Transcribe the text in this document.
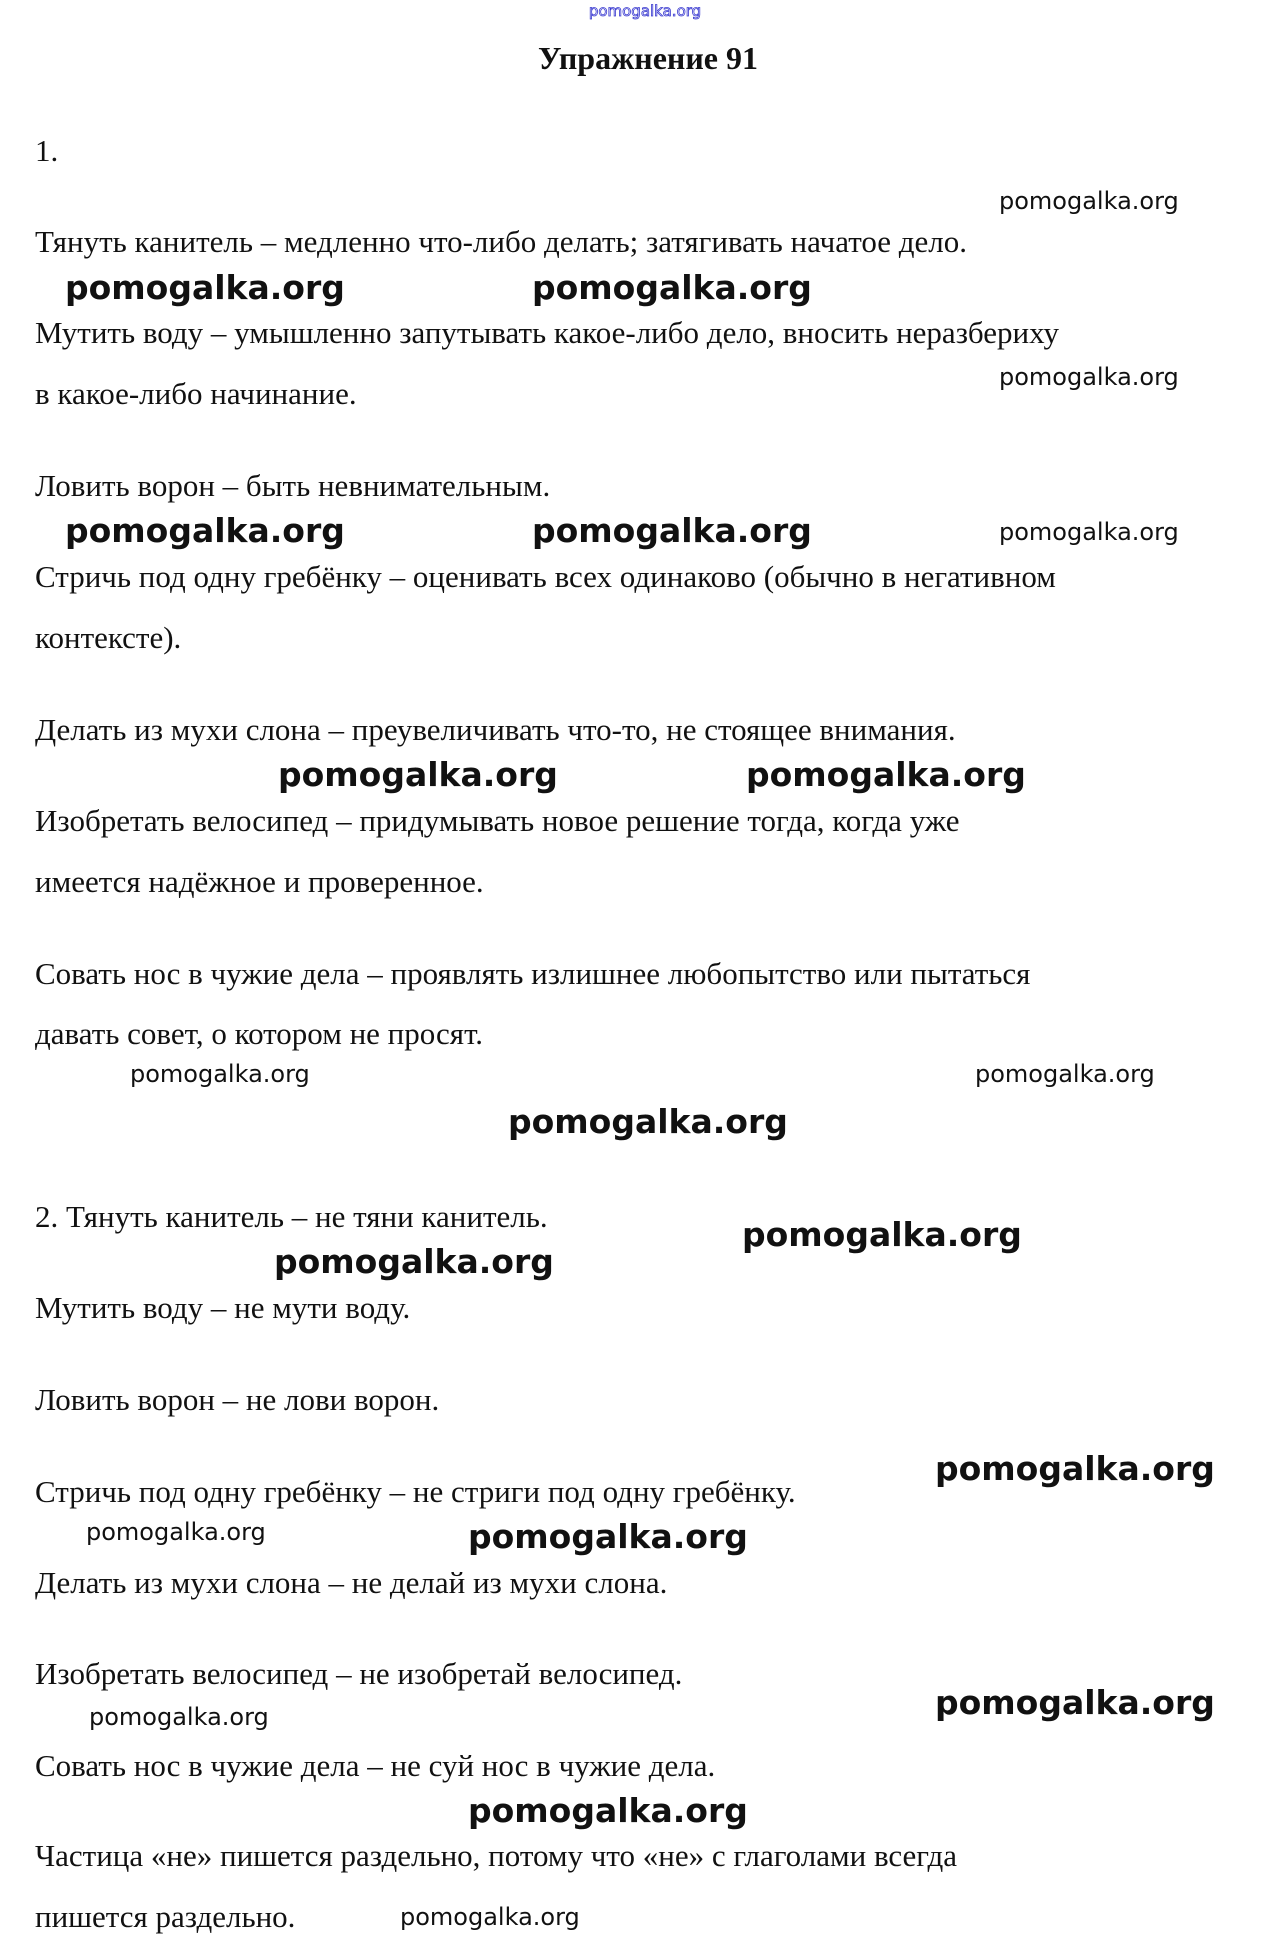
pomogalka.org
Упражнение 91
1.
Тянуть канитель – медленно что-либо делать; затягивать начатое дело.
Мутить воду – умышленно запутывать какое-либо дело, вносить неразбериху
в какое-либо начинание.
Ловить ворон – быть невнимательным.
Стричь под одну гребёнку – оценивать всех одинаково (обычно в негативном
контексте).
Делать из мухи слона – преувеличивать что-то, не стоящее внимания.
Изобретать велосипед – придумывать новое решение тогда, когда уже
имеется надёжное и проверенное.
Совать нос в чужие дела – проявлять излишнее любопытство или пытаться
давать совет, о котором не просят.
2. Тянуть канитель – не тяни канитель.
Мутить воду – не мути воду.
Ловить ворон – не лови ворон.
Стричь под одну гребёнку – не стриги под одну гребёнку.
Делать из мухи слона – не делай из мухи слона.
Изобретать велосипед – не изобретай велосипед.
Совать нос в чужие дела – не суй нос в чужие дела.
Частица «не» пишется раздельно, потому что «не» с глаголами всегда
пишется раздельно.
pomogalka.org	pomogalka.org
pomogalka.org	pomogalka.org
pomogalka.org	pomogalka.org
pomogalka.org
pomogalka.org
pomogalka.org
pomogalka.org
pomogalka.org
pomogalka.org
pomogalka.org
pomogalka.org
pomogalka.org
pomogalka.org
pomogalka.org	pomogalka.org
pomogalka.org
pomogalka.org
pomogalka.org
